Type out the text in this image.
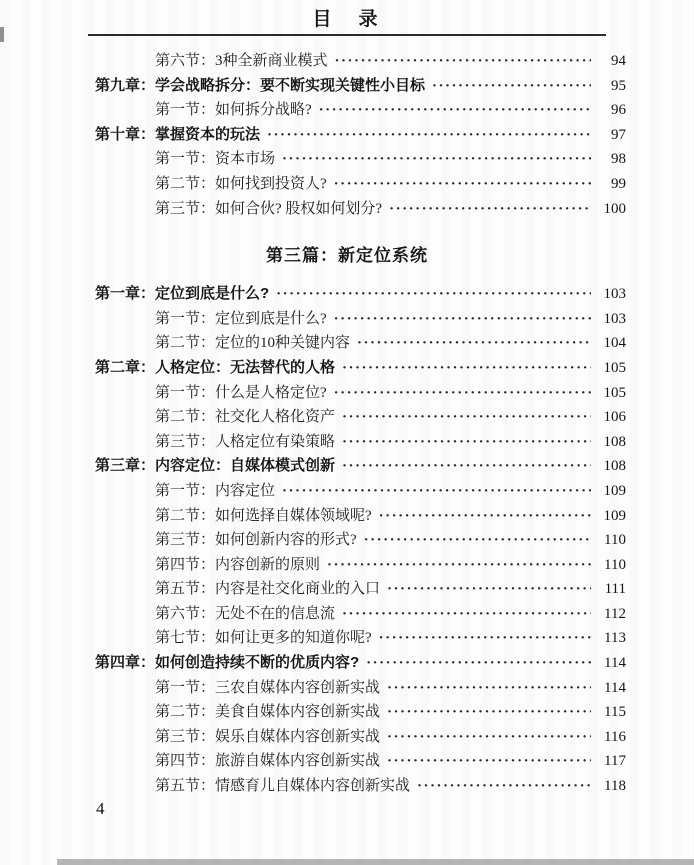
目　录
第六节：3种全新商业模式 ·····	94
第九章：学会战略拆分：要不断实现关键性小目标 ·····	95
第一节：如何拆分战略? ·····	96
第十章：掌握资本的玩法 ·····	97
第一节：资本市场 ·····	98
第二节：如何找到投资人? ·····	99
第三节：如何合伙? 股权如何划分? ·····	100
第三篇：新定位系统
第一章：定位到底是什么? ·····	103
第一节：定位到底是什么? ·····	103
第二节：定位的10种关键内容 ·····	104
第二章：人格定位：无法替代的人格 ·····	105
第一节：什么是人格定位? ·····	105
第二节：社交化人格化资产 ·····	106
第三节：人格定位有染策略 ·····	108
第三章：内容定位：自媒体模式创新 ·····	108
第一节：内容定位 ·····	109
第二节：如何选择自媒体领域呢? ·····	109
第三节：如何创新内容的形式? ·····	110
第四节：内容创新的原则 ·····	110
第五节：内容是社交化商业的入口 ·····	111
第六节：无处不在的信息流 ·····	112
第七节：如何让更多的知道你呢? ·····	113
第四章：如何创造持续不断的优质内容? ·····	114
第一节：三农自媒体内容创新实战 ·····	114
第二节：美食自媒体内容创新实战 ·····	115
第三节：娱乐自媒体内容创新实战 ·····	116
第四节：旅游自媒体内容创新实战 ·····	117
第五节：情感育儿自媒体内容创新实战 ·····	118
4
